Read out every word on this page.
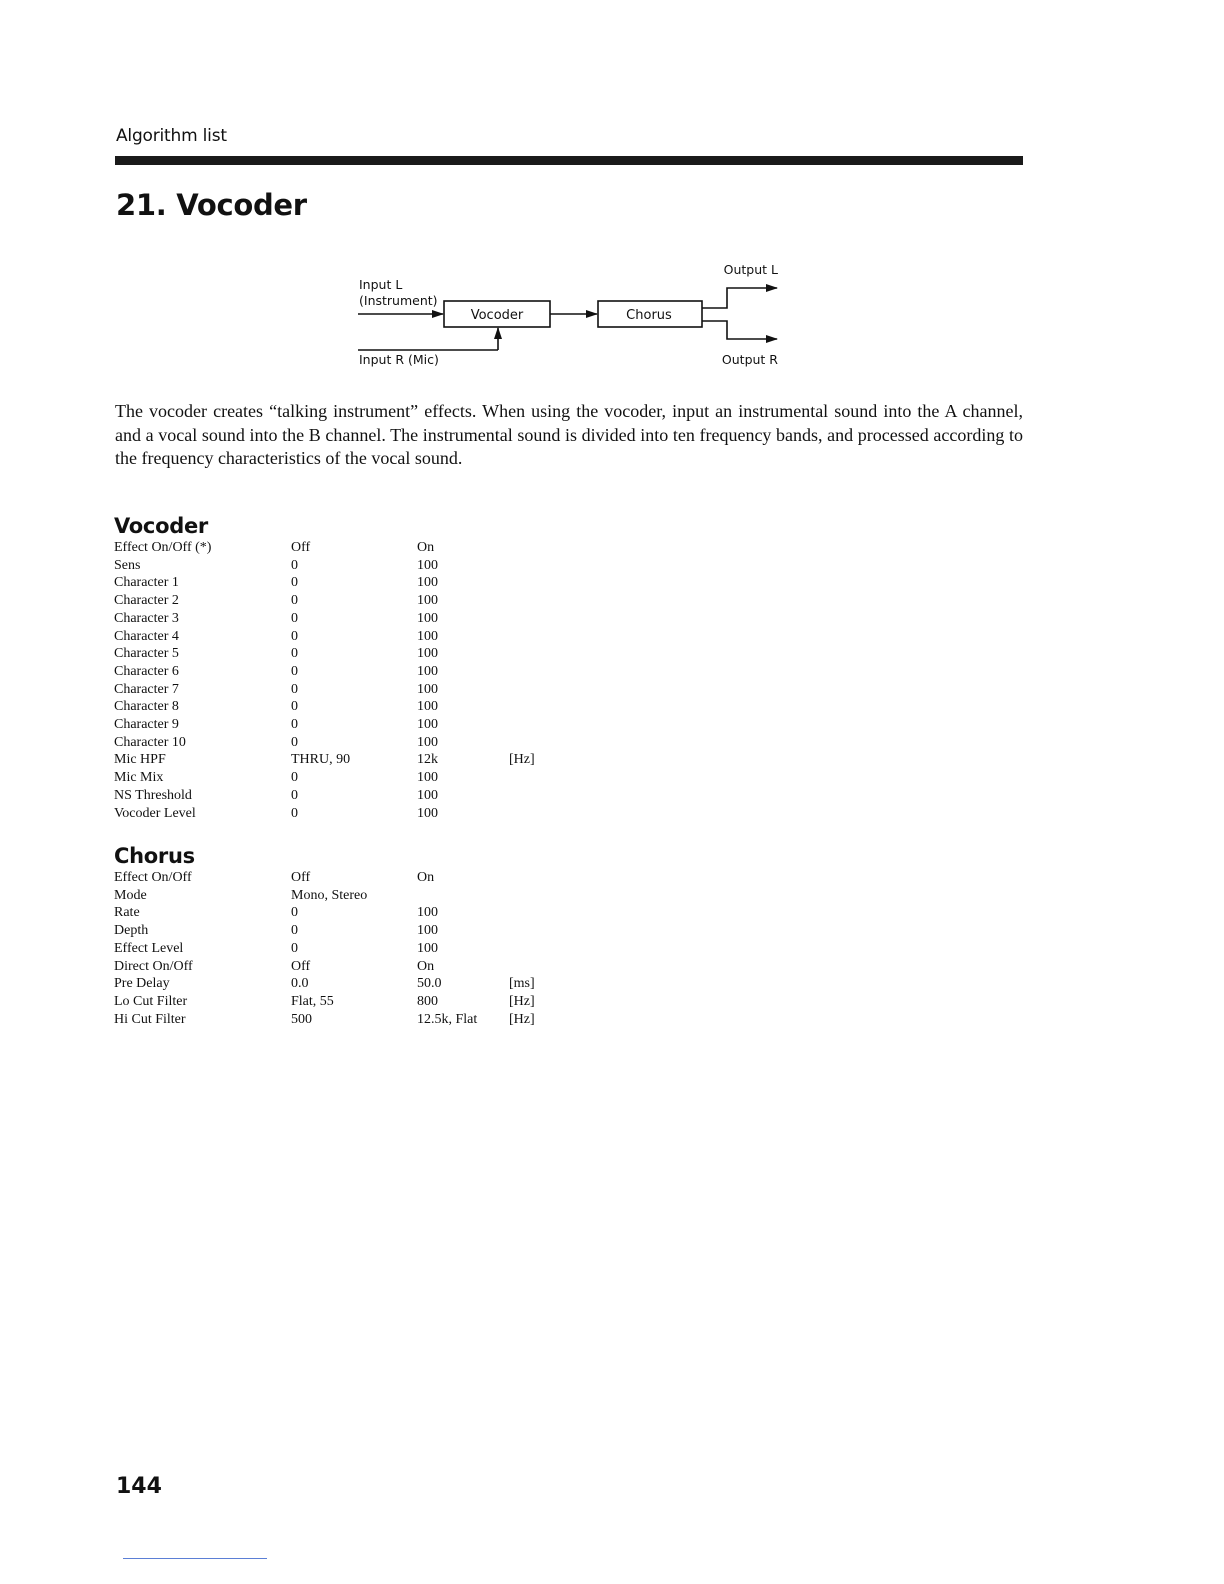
Algorithm list
21. Vocoder
Input L
(Instrument)
Vocoder
Input R (Mic)
Chorus
Output L
Output R

The vocoder creates “talking instrument” effects. When using the vocoder, input an instrumental sound into the A channel, and a vocal sound into the B channel. The instrumental sound is divided into ten frequency bands, and processed according to the frequency characteristics of the vocal sound.

Vocoder
Effect On/Off (*)	Off	On	
Sens	0	100	
Character 1	0	100	
Character 2	0	100	
Character 3	0	100	
Character 4	0	100	
Character 5	0	100	
Character 6	0	100	
Character 7	0	100	
Character 8	0	100	
Character 9	0	100	
Character 10	0	100	
Mic HPF	THRU, 90	12k	[Hz]
Mic Mix	0	100	
NS Threshold	0	100	
Vocoder Level	0	100	
Chorus
Effect On/Off	Off	On	
Mode	Mono, Stereo		
Rate	0	100	
Depth	0	100	
Effect Level	0	100	
Direct On/Off	Off	On	
Pre Delay	0.0	50.0	[ms]
Lo Cut Filter	Flat, 55	800	[Hz]
Hi Cut Filter	500	12.5k, Flat	[Hz]
144
